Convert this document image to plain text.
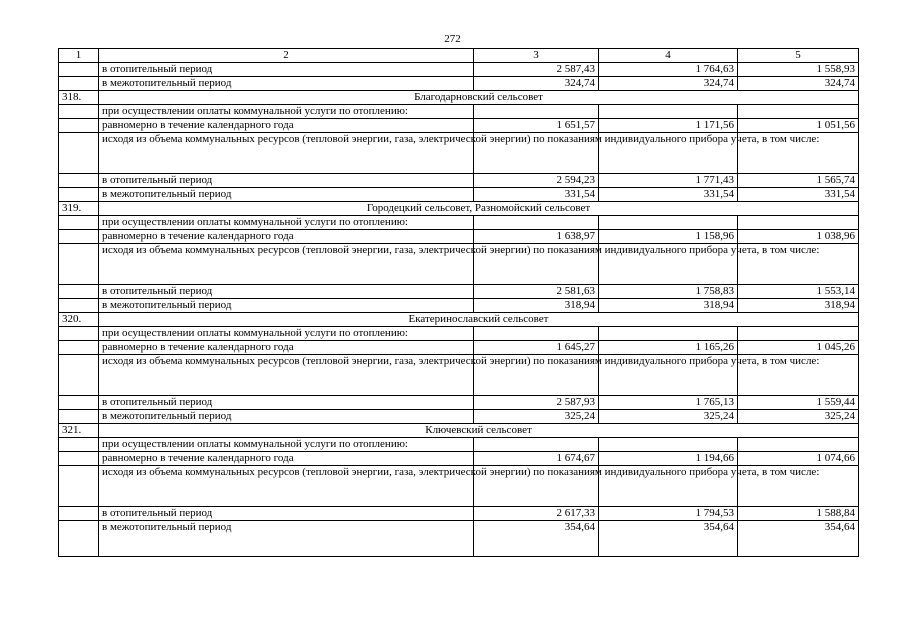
272
1	2	3	4	5
	в отопительный период	2 587,43	1 764,63	1 558,93
	в межотопительный период	324,74	324,74	324,74
318.	Благодарновский сельсовет			
	при осуществлении оплаты коммунальной услуги по отоплению:			
	равномерно в течение календарного года	1 651,57	1 171,56	1 051,56
	исходя из объема коммунальных ресурсов (тепловой энергии, газа, электрической энергии) по показаниям индивидуального прибора учета, в том числе:			
	в отопительный период	2 594,23	1 771,43	1 565,74
	в межотопительный период	331,54	331,54	331,54
319.	Городецкий сельсовет, Разномойский сельсовет			
	при осуществлении оплаты коммунальной услуги по отоплению:			
	равномерно в течение календарного года	1 638,97	1 158,96	1 038,96
	исходя из объема коммунальных ресурсов (тепловой энергии, газа, электрической энергии) по показаниям индивидуального прибора учета, в том числе:			
	в отопительный период	2 581,63	1 758,83	1 553,14
	в межотопительный период	318,94	318,94	318,94
320.	Екатеринославский сельсовет			
	при осуществлении оплаты коммунальной услуги по отоплению:			
	равномерно в течение календарного года	1 645,27	1 165,26	1 045,26
	исходя из объема коммунальных ресурсов (тепловой энергии, газа, электрической энергии) по показаниям индивидуального прибора учета, в том числе:			
	в отопительный период	2 587,93	1 765,13	1 559,44
	в межотопительный период	325,24	325,24	325,24
321.	Ключевский сельсовет			
	при осуществлении оплаты коммунальной услуги по отоплению:			
	равномерно в течение календарного года	1 674,67	1 194,66	1 074,66
	исходя из объема коммунальных ресурсов (тепловой энергии, газа, электрической энергии) по показаниям индивидуального прибора учета, в том числе:			
	в отопительный период	2 617,33	1 794,53	1 588,84
	в межотопительный период	354,64	354,64	354,64
